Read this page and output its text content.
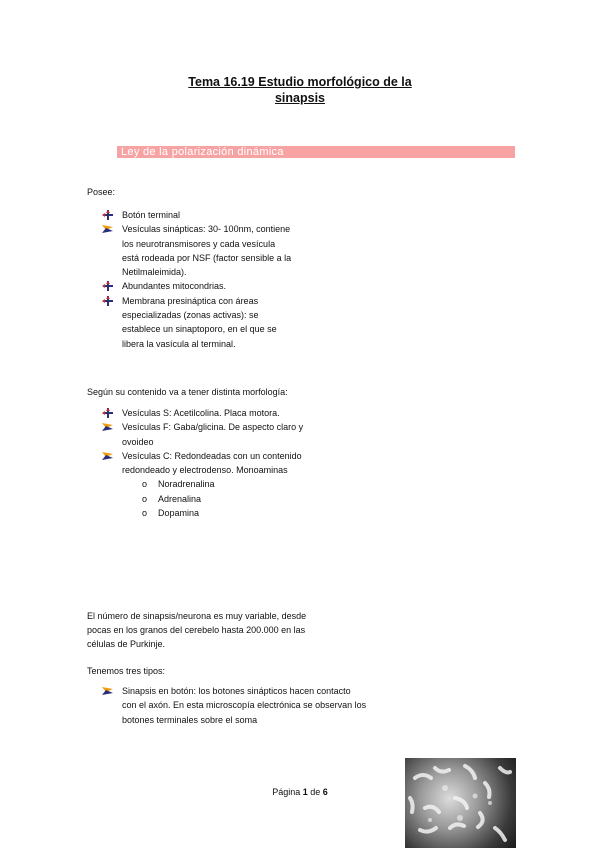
Tema 16.19 Estudio morfológico de la
sinapsis
Ley de la polarización dinámica
Posee:
Botón terminal
Vesículas sinápticas: 30- 100nm, contiene
los neurotransmisores y cada vesícula
está rodeada por NSF (factor sensible a la
Netilmaleimida).
Abundantes mitocondrias.
Membrana presináptica con áreas
especializadas (zonas activas): se
establece un sinaptoporo, en el que se
libera la vasícula al terminal.
Según su contenido va a tener distinta morfología:
Vesículas S: Acetilcolina. Placa motora.
Vesículas F: Gaba/glicina. De aspecto claro y
ovoideo
Vesículas C: Redondeadas con un contenido
redondeado y electrodenso. Monoaminas
o Noradrenalina
o Adrenalina
o Dopamina
El número de sinapsis/neurona es muy variable, desde
pocas en los granos del cerebelo hasta 200.000 en las
células de Purkinje.
Tenemos tres tipos:
Sinapsis en botón: los botones sinápticos hacen contacto
con el axón. En esta microscopía electrónica se observan los
botones terminales sobre el soma
Página 1 de 6
